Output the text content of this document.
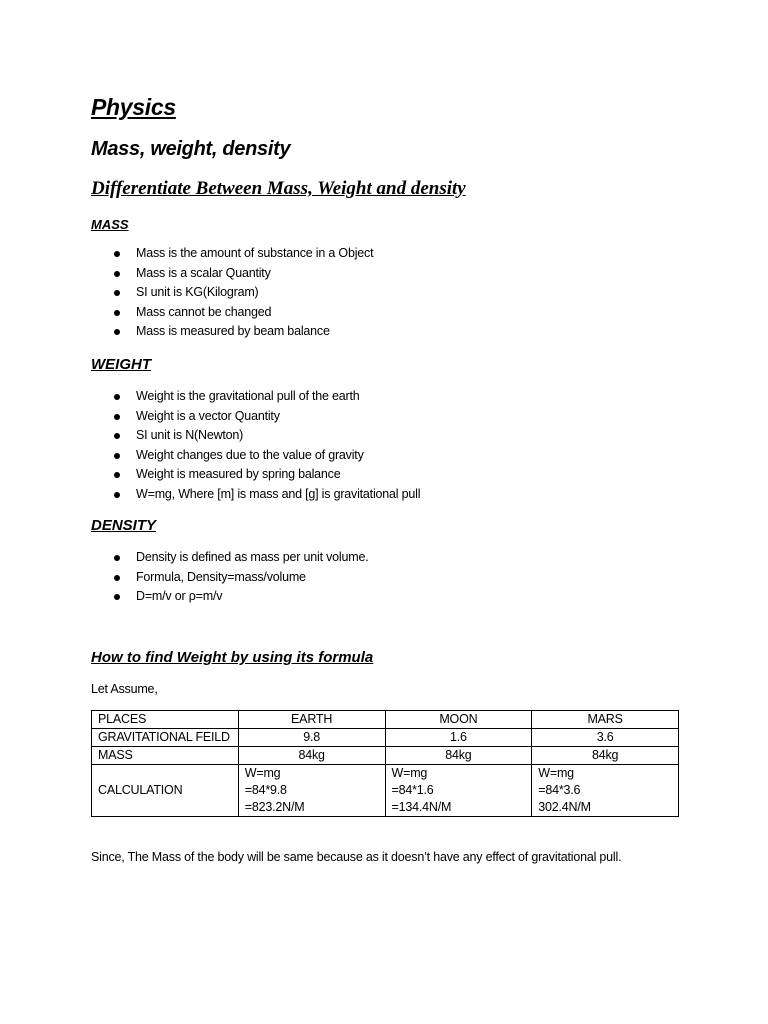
Physics
Mass, weight, density
Differentiate Between Mass, Weight and density
MASS
Mass is the amount of substance in a Object
Mass is a scalar Quantity
SI unit is KG(Kilogram)
Mass cannot be changed
Mass is measured by beam balance
WEIGHT
Weight is the gravitational pull of the earth
Weight is a vector Quantity
SI unit is N(Newton)
Weight changes due to the value of gravity
Weight is measured by spring balance
W=mg, Where [m] is mass and [g] is gravitational pull
DENSITY
Density is defined as mass per unit volume.
Formula, Density=mass/volume
D=m/v or ρ=m/v
How to find Weight by using its formula
Let Assume,
PLACES	EARTH	MOON	MARS
GRAVITATIONAL FEILD	9.8	1.6	3.6
MASS	84kg	84kg	84kg
CALCULATION	W=mg
=84*9.8
=823.2N/M	W=mg
=84*1.6
=134.4N/M	W=mg
=84*3.6
302.4N/M
Since, The Mass of the body will be same because as it doesn’t have any effect of gravitational pull.
